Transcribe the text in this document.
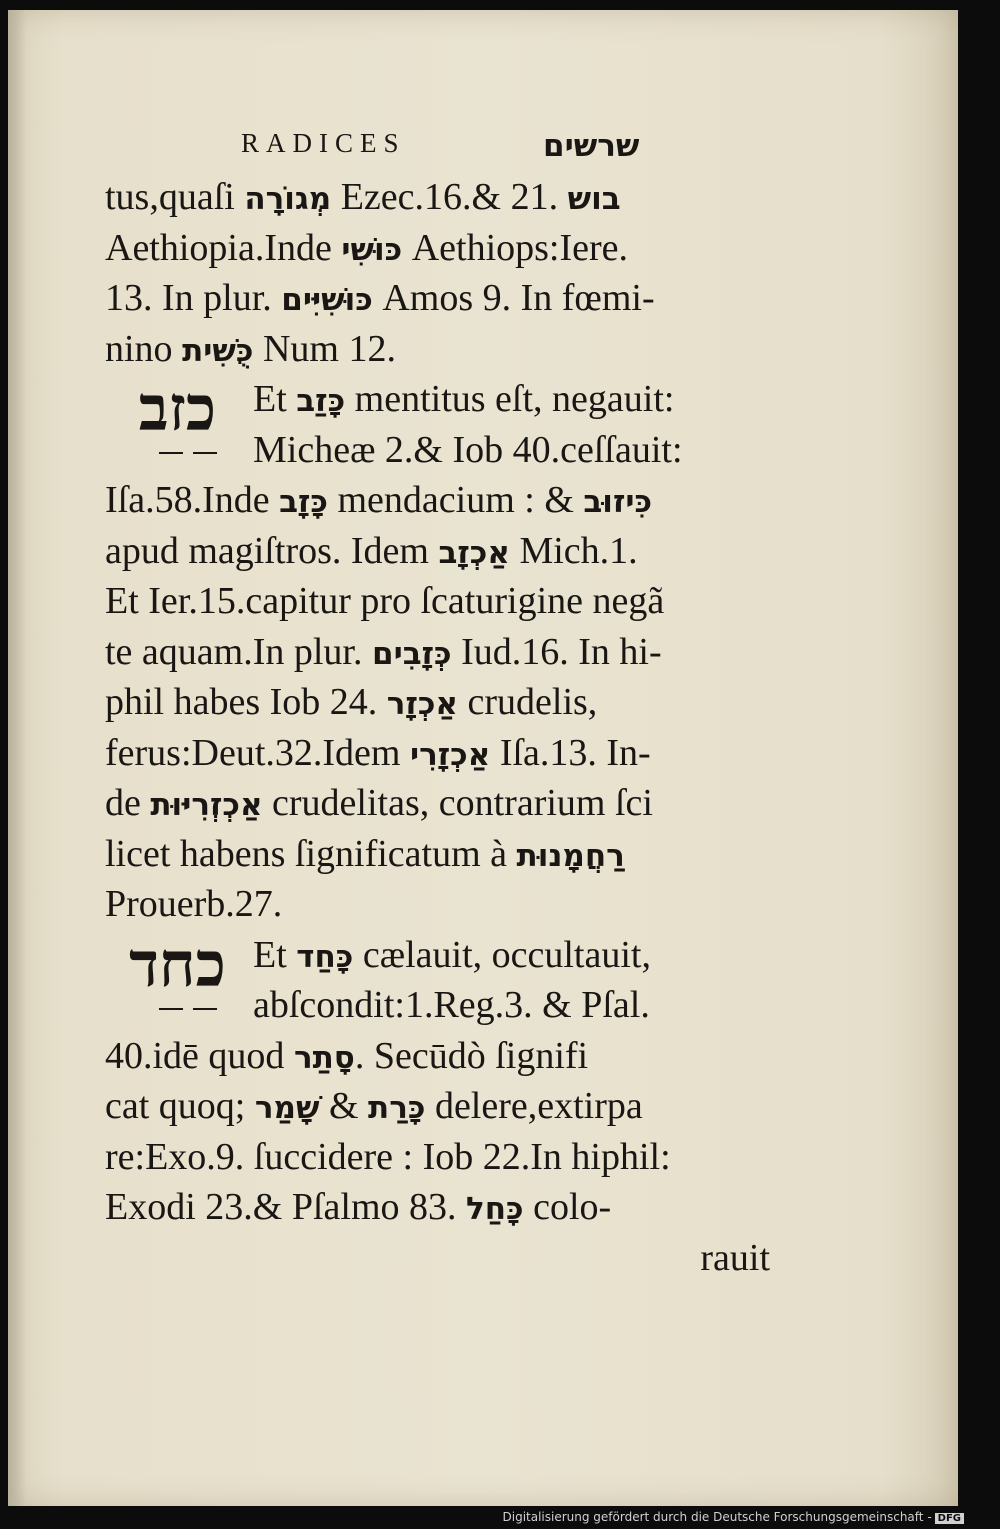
RADICES	שרשים
tus,quaſi מְגוֹרָה Ezec.16.& 21. בוש
Aethiopia.Inde כּוּשִׁי Aethiops:Iere.
13. In plur. כּוּשִׁיִּים Amos 9. In fœmi-
nino כֻּשִׁית Num 12.
כזב Et כָּזַב mentitus eſt, negauit:
Micheæ 2.& Iob 40.ceſſauit:
Iſa.58.Inde כָּזָב mendacium : & כִּיזוּב
apud magiſtros. Idem אַכְזָב Mich.1.
Et Ier.15.capitur pro ſcaturigine negã
te aquam.In plur. כְּזָבִים Iud.16. In hi-
phil habes Iob 24. אַכְזָר crudelis,
ferus:Deut.32.Idem אַכְזָרִי Iſa.13. In-
de אַכְזְרִיּוּת crudelitas, contrarium ſci
licet habens ſignificatum à רַחֲמָנוּת
Prouerb.27.
כחד Et כָּחַד cælauit, occultauit,
abſcondit:1.Reg.3. & Pſal.
40.idē quod סָתַר. Secūdò ſignifi
cat quoq; שָׁמַר & כָּרַת delere,extirpa
re:Exo.9. ſuccidere : Iob 22.In hiphil:
Exodi 23.& Pſalmo 83. כָּחַל colo-
rauit
Digitalisierung gefördert durch die Deutsche Forschungsgemeinschaft - DFG
